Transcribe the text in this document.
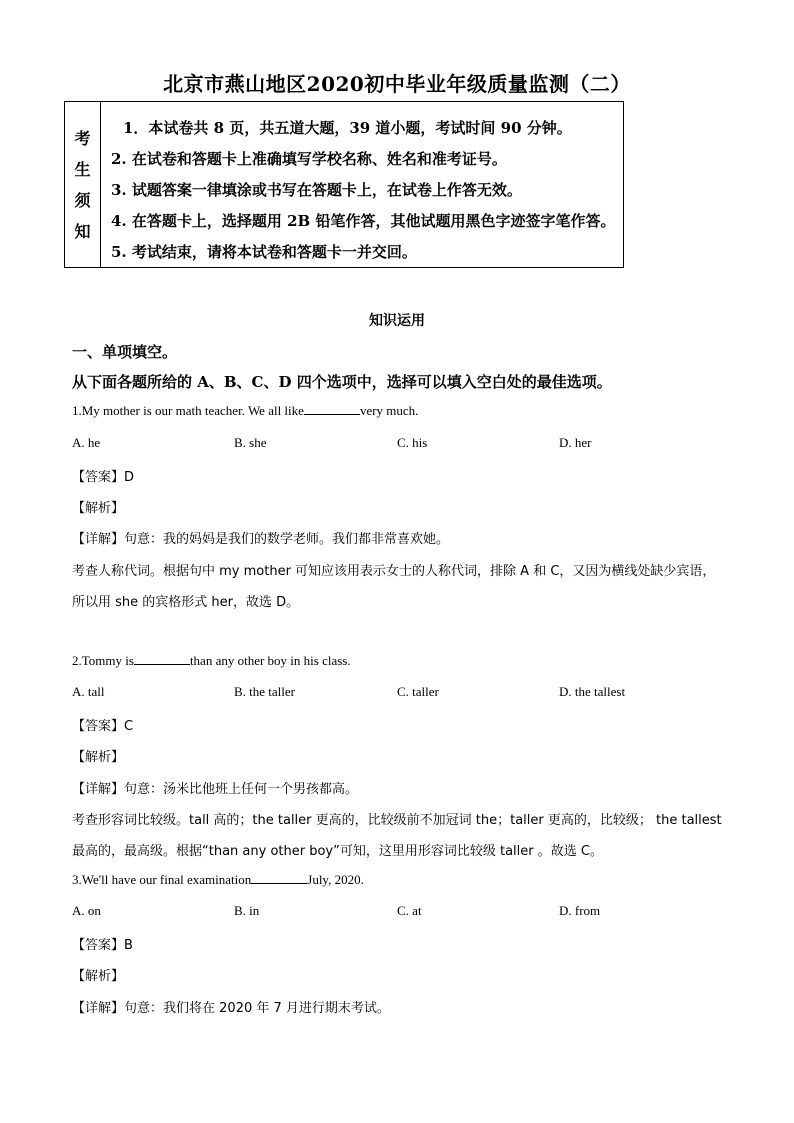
北京市燕山地区2020初中毕业年级质量监测（二）
考
生
须
知
1．本试卷共 8 页，共五道大题，39 道小题，考试时间 90 分钟。
2. 在试卷和答题卡上准确填写学校名称、姓名和准考证号。
3. 试题答案一律填涂或书写在答题卡上，在试卷上作答无效。
4. 在答题卡上，选择题用 2B 铅笔作答，其他试题用黑色字迹签字笔作答。
5. 考试结束，请将本试卷和答题卡一并交回。
知识运用
一、单项填空。
从下面各题所给的 A、B、C、D 四个选项中，选择可以填入空白处的最佳选项。
1.My mother is our math teacher. We all like	very much.
A. he	B. she	C. his	D. her
【答案】D
【解析】
【详解】句意：我的妈妈是我们的数学老师。我们都非常喜欢她。
考查人称代词。根据句中 my mother 可知应该用表示女士的人称代词，排除 A 和 C，又因为横线处缺少宾语，
所以用 she 的宾格形式 her，故选 D。
2.Tommy is	than any other boy in his class.
A. tall	B. the taller	C. taller	D. the tallest
【答案】C
【解析】
【详解】句意：汤米比他班上任何一个男孩都高。
考查形容词比较级。tall 高的；the taller 更高的，比较级前不加冠词 the；taller 更高的，比较级； the tallest
最高的，最高级。根据“than any other boy”可知，这里用形容词比较级 taller 。故选 C。
3.We'll have our final examination	July, 2020.
A. on	B. in	C. at	D. from
【答案】B
【解析】
【详解】句意：我们将在 2020 年 7 月进行期末考试。
